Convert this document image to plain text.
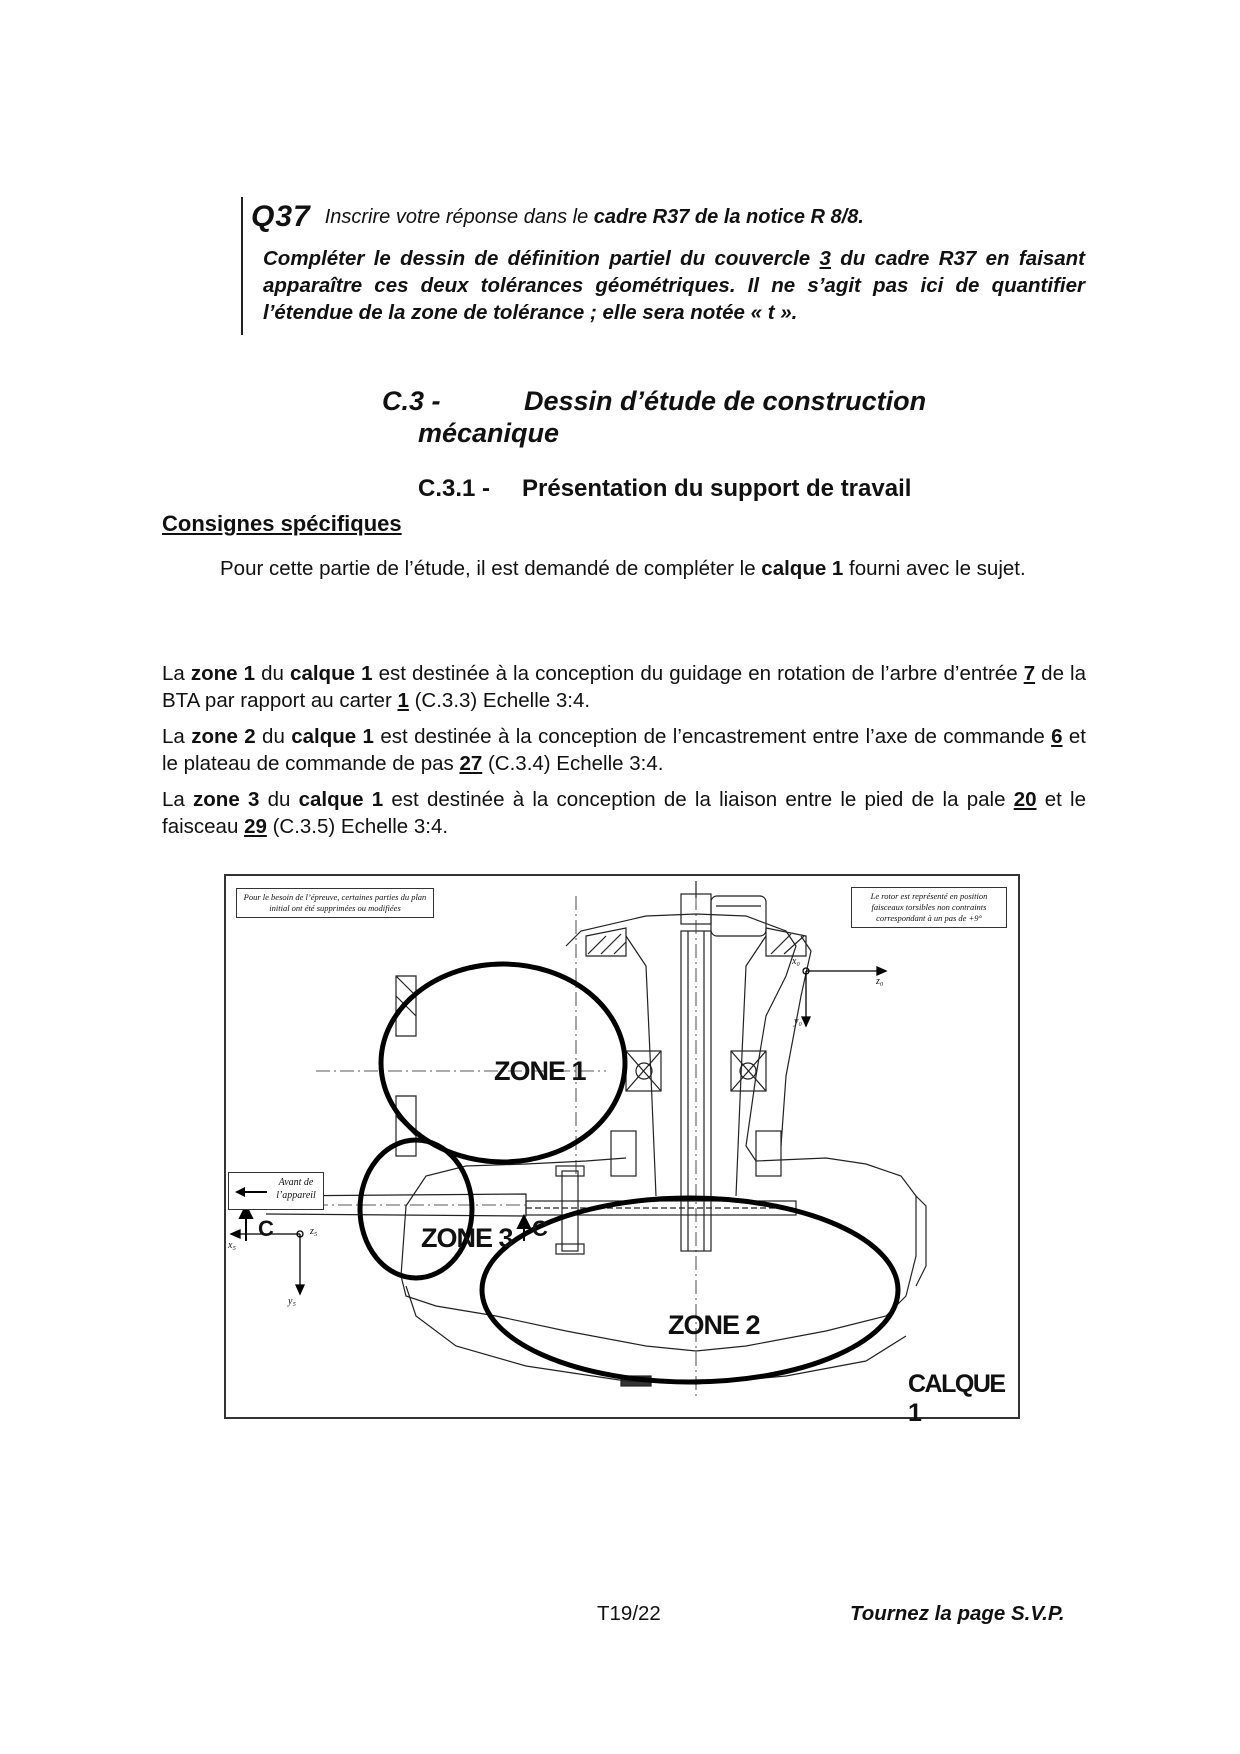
Q37 Inscrire votre réponse dans le cadre R37 de la notice R 8/8.
Compléter le dessin de définition partiel du couvercle 3 du cadre R37 en faisant apparaître ces deux tolérances géométriques. Il ne s’agit pas ici de quantifier l’étendue de la zone de tolérance ; elle sera notée « t ».
C.3 -	Dessin d’étude de construction
mécanique
C.3.1 - Présentation du support de travail
Consignes spécifiques
Pour cette partie de l’étude, il est demandé de compléter le calque 1 fourni avec le sujet.
La zone 1 du calque 1 est destinée à la conception du guidage en rotation de l’arbre d’entrée 7 de la BTA par rapport au carter 1 (C.3.3) Echelle 3:4.
La zone 2 du calque 1 est destinée à la conception de l’encastrement entre l’axe de commande 6 et le plateau de commande de pas 27 (C.3.4) Echelle 3:4.
La zone 3 du calque 1 est destinée à la conception de la liaison entre le pied de la pale 20 et le faisceau 29 (C.3.5) Echelle 3:4.
Pour le besoin de l’épreuve, certaines parties du plan initial ont été supprimées ou modifiées
Le rotor est représenté en position faisceaux torsibles non contraints correspondant à un pas de +9°
Avant de l’appareil
ZONE 1
ZONE 2
ZONE 3
CALQUE 1
C	C
x₀
z₀
y₀
x₅
z₅
y₅
T19/22	Tournez la page S.V.P.
